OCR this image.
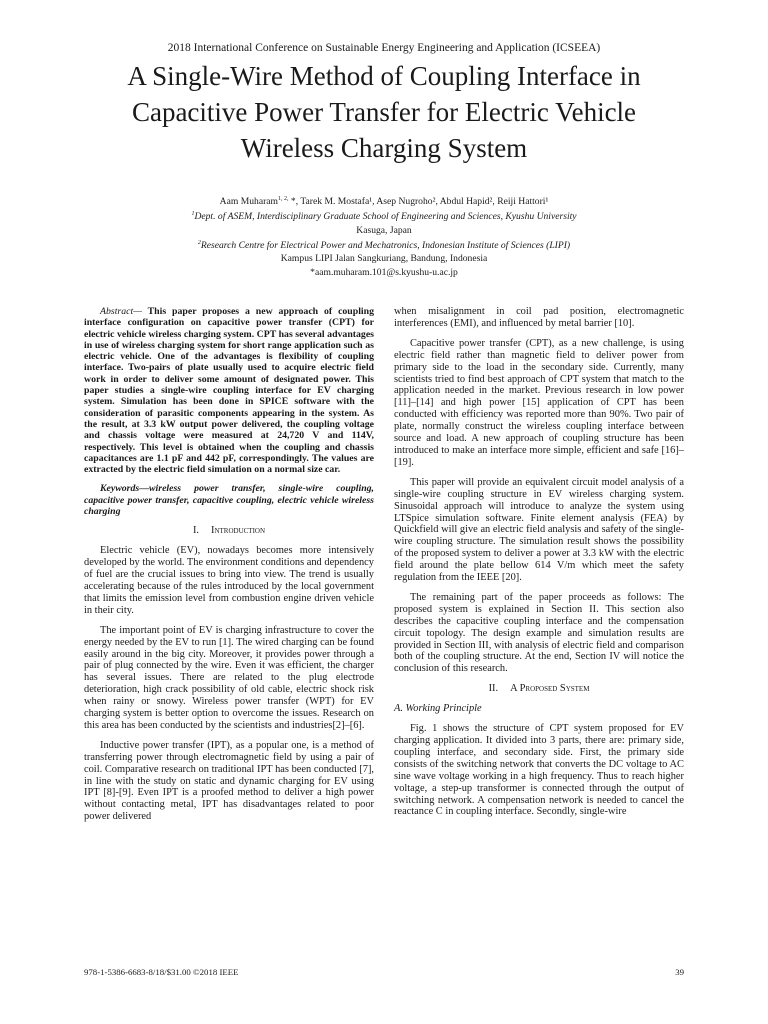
2018 International Conference on Sustainable Energy Engineering and Application (ICSEEA)
A Single-Wire Method of Coupling Interface in
Capacitive Power Transfer for Electric Vehicle
Wireless Charging System
Aam Muharam$^{1, 2,}$ *, Tarek M. Mostafa¹, Asep Nugroho², Abdul Hapid², Reiji Hattori¹
$^1$Dept. of ASEM, Interdisciplinary Graduate School of Engineering and Sciences, Kyushu University
Kasuga, Japan
$^2$Research Centre for Electrical Power and Mechatronics, Indonesian Institute of Sciences (LIPI)
Kampus LIPI Jalan Sangkuriang, Bandung, Indonesia
*aam.muharam.101@s.kyushu-u.ac.jp

Abstract— This paper proposes a new approach of coupling interface configuration on capacitive power transfer (CPT) for electric vehicle wireless charging system. CPT has several advantages in use of wireless charging system for short range application such as electric vehicle. One of the advantages is flexibility of coupling interface. Two-pairs of plate usually used to acquire electric field work in order to deliver some amount of designated power. This paper studies a single-wire coupling interface for EV charging system. Simulation has been done in SPICE software with the consideration of parasitic components appearing in the system. As the result, at 3.3 kW output power delivered, the coupling voltage and chassis voltage were measured at 24,720 V and 114V, respectively. This level is obtained when the coupling and chassis capacitances are 1.1 pF and 442 pF, correspondingly. The values are extracted by the electric field simulation on a normal size car.

Keywords—wireless power transfer, single-wire coupling, capacitive power transfer, capacitive coupling, electric vehicle wireless charging

I. Introduction

Electric vehicle (EV), nowadays becomes more intensively developed by the world. The environment conditions and dependency of fuel are the crucial issues to bring into view. The trend is usually accelerating because of the rules introduced by the local government that limits the emission level from combustion engine driven vehicle in their city.

The important point of EV is charging infrastructure to cover the energy needed by the EV to run [1]. The wired charging can be found easily around in the big city. Moreover, it provides power through a pair of plug connected by the wire. Even it was efficient, the charger has several issues. There are related to the plug electrode deterioration, high crack possibility of old cable, electric shock risk when rainy or snowy. Wireless power transfer (WPT) for EV charging system is better option to overcome the issues. Research on this area has been conducted by the scientists and industries[2]–[6].

Inductive power transfer (IPT), as a popular one, is a method of transferring power through electromagnetic field by using a pair of coil. Comparative research on traditional IPT has been conducted [7], in line with the study on static and dynamic charging for EV using IPT [8]-[9]. Even IPT is a proofed method to deliver a high power without contacting metal, IPT has disadvantages related to poor power delivered

when misalignment in coil pad position, electromagnetic interferences (EMI), and influenced by metal barrier [10].

Capacitive power transfer (CPT), as a new challenge, is using electric field rather than magnetic field to deliver power from primary side to the load in the secondary side. Currently, many scientists tried to find best approach of CPT system that match to the application needed in the market. Previous research in low power [11]–[14] and high power [15] application of CPT has been conducted with efficiency was reported more than 90%. Two pair of plate, normally construct the wireless coupling interface between source and load. A new approach of coupling structure has been introduced to make an interface more simple, efficient and safe [16]–[19].

This paper will provide an equivalent circuit model analysis of a single-wire coupling structure in EV wireless charging system. Sinusoidal approach will introduce to analyze the system using LTSpice simulation software. Finite element analysis (FEA) by Quickfield will give an electric field analysis and safety of the single-wire coupling structure. The simulation result shows the possibility of the proposed system to deliver a power at 3.3 kW with the electric field around the plate bellow 614 V/m which meet the safety regulation from the IEEE [20].

The remaining part of the paper proceeds as follows: The proposed system is explained in Section II. This section also describes the capacitive coupling interface and the compensation circuit topology. The design example and simulation results are provided in Section III, with analysis of electric field and comparison both of the coupling structure. At the end, Section IV will notice the conclusion of this research.

II. A Proposed System

A. Working Principle

Fig. 1 shows the structure of CPT system proposed for EV charging application. It divided into 3 parts, there are: primary side, coupling interface, and secondary side. First, the primary side consists of the switching network that converts the DC voltage to AC sine wave voltage working in a high frequency. Thus to reach higher voltage, a step-up transformer is connected through the output of switching network. A compensation network is needed to cancel the reactance C in coupling interface. Secondly, single-wire

978-1-5386-6683-8/18/$31.00 ©2018 IEEE	39
